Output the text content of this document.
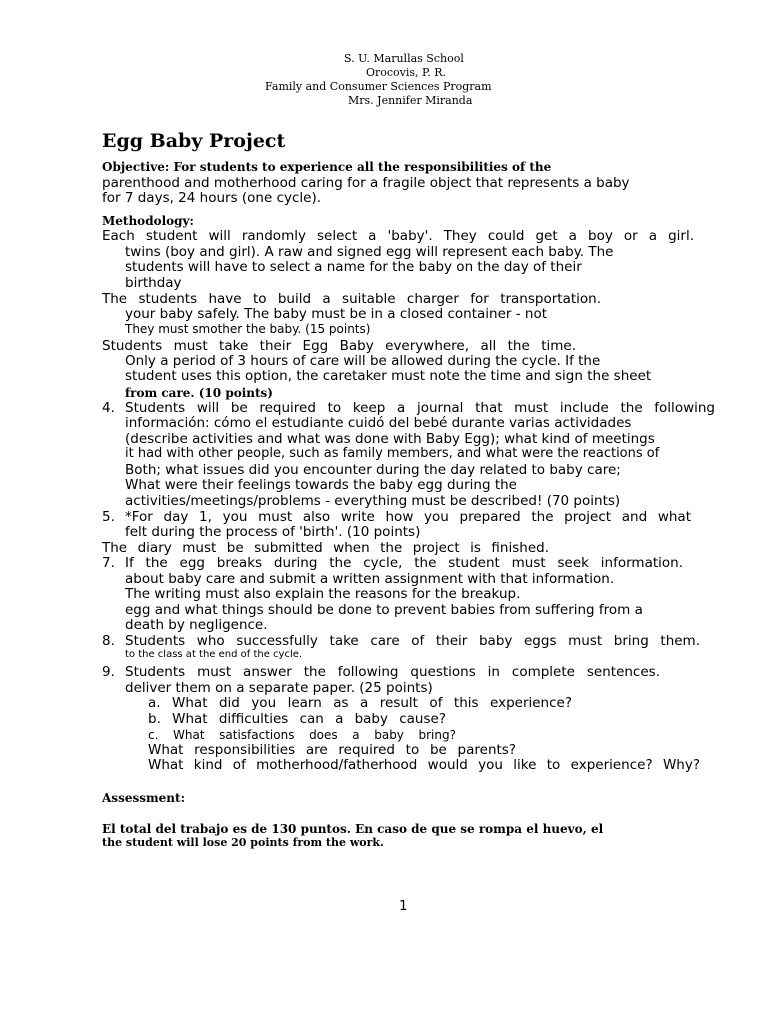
S. U. Marullas School
Orocovis, P. R.
Family and Consumer Sciences Program
Mrs. Jennifer Miranda
Egg Baby Project
Objective: For students to experience all the responsibilities of the
parenthood and motherhood caring for a fragile object that represents a baby
for 7 days, 24 hours (one cycle).
Methodology:
Each student will randomly select a 'baby'. They could get a boy or a girl.
twins (boy and girl). A raw and signed egg will represent each baby. The
students will have to select a name for the baby on the day of their
birthday
The students have to build a suitable charger for transportation.
your baby safely. The baby must be in a closed container - not
They must smother the baby. (15 points)
Students must take their Egg Baby everywhere, all the time.
Only a period of 3 hours of care will be allowed during the cycle. If the
student uses this option, the caretaker must note the time and sign the sheet
from care. (10 points)
4. Students will be required to keep a journal that must include the following
información: cómo el estudiante cuidó del bebé durante varias actividades
(describe activities and what was done with Baby Egg); what kind of meetings
it had with other people, such as family members, and what were the reactions of
Both; what issues did you encounter during the day related to baby care;
What were their feelings towards the baby egg during the
activities/meetings/problems - everything must be described! (70 points)
5. *For day 1, you must also write how you prepared the project and what
felt during the process of 'birth'. (10 points)
The diary must be submitted when the project is finished.
7. If the egg breaks during the cycle, the student must seek information.
about baby care and submit a written assignment with that information.
The writing must also explain the reasons for the breakup.
egg and what things should be done to prevent babies from suffering from a
death by negligence.
8. Students who successfully take care of their baby eggs must bring them.
to the class at the end of the cycle.
9. Students must answer the following questions in complete sentences.
deliver them on a separate paper. (25 points)
a. What did you learn as a result of this experience?
b. What difficulties can a baby cause?
c. What satisfactions does a baby bring?
What responsibilities are required to be parents?
What kind of motherhood/fatherhood would you like to experience? Why?
Assessment:
El total del trabajo es de 130 puntos. En caso de que se rompa el huevo, el
the student will lose 20 points from the work.
1
